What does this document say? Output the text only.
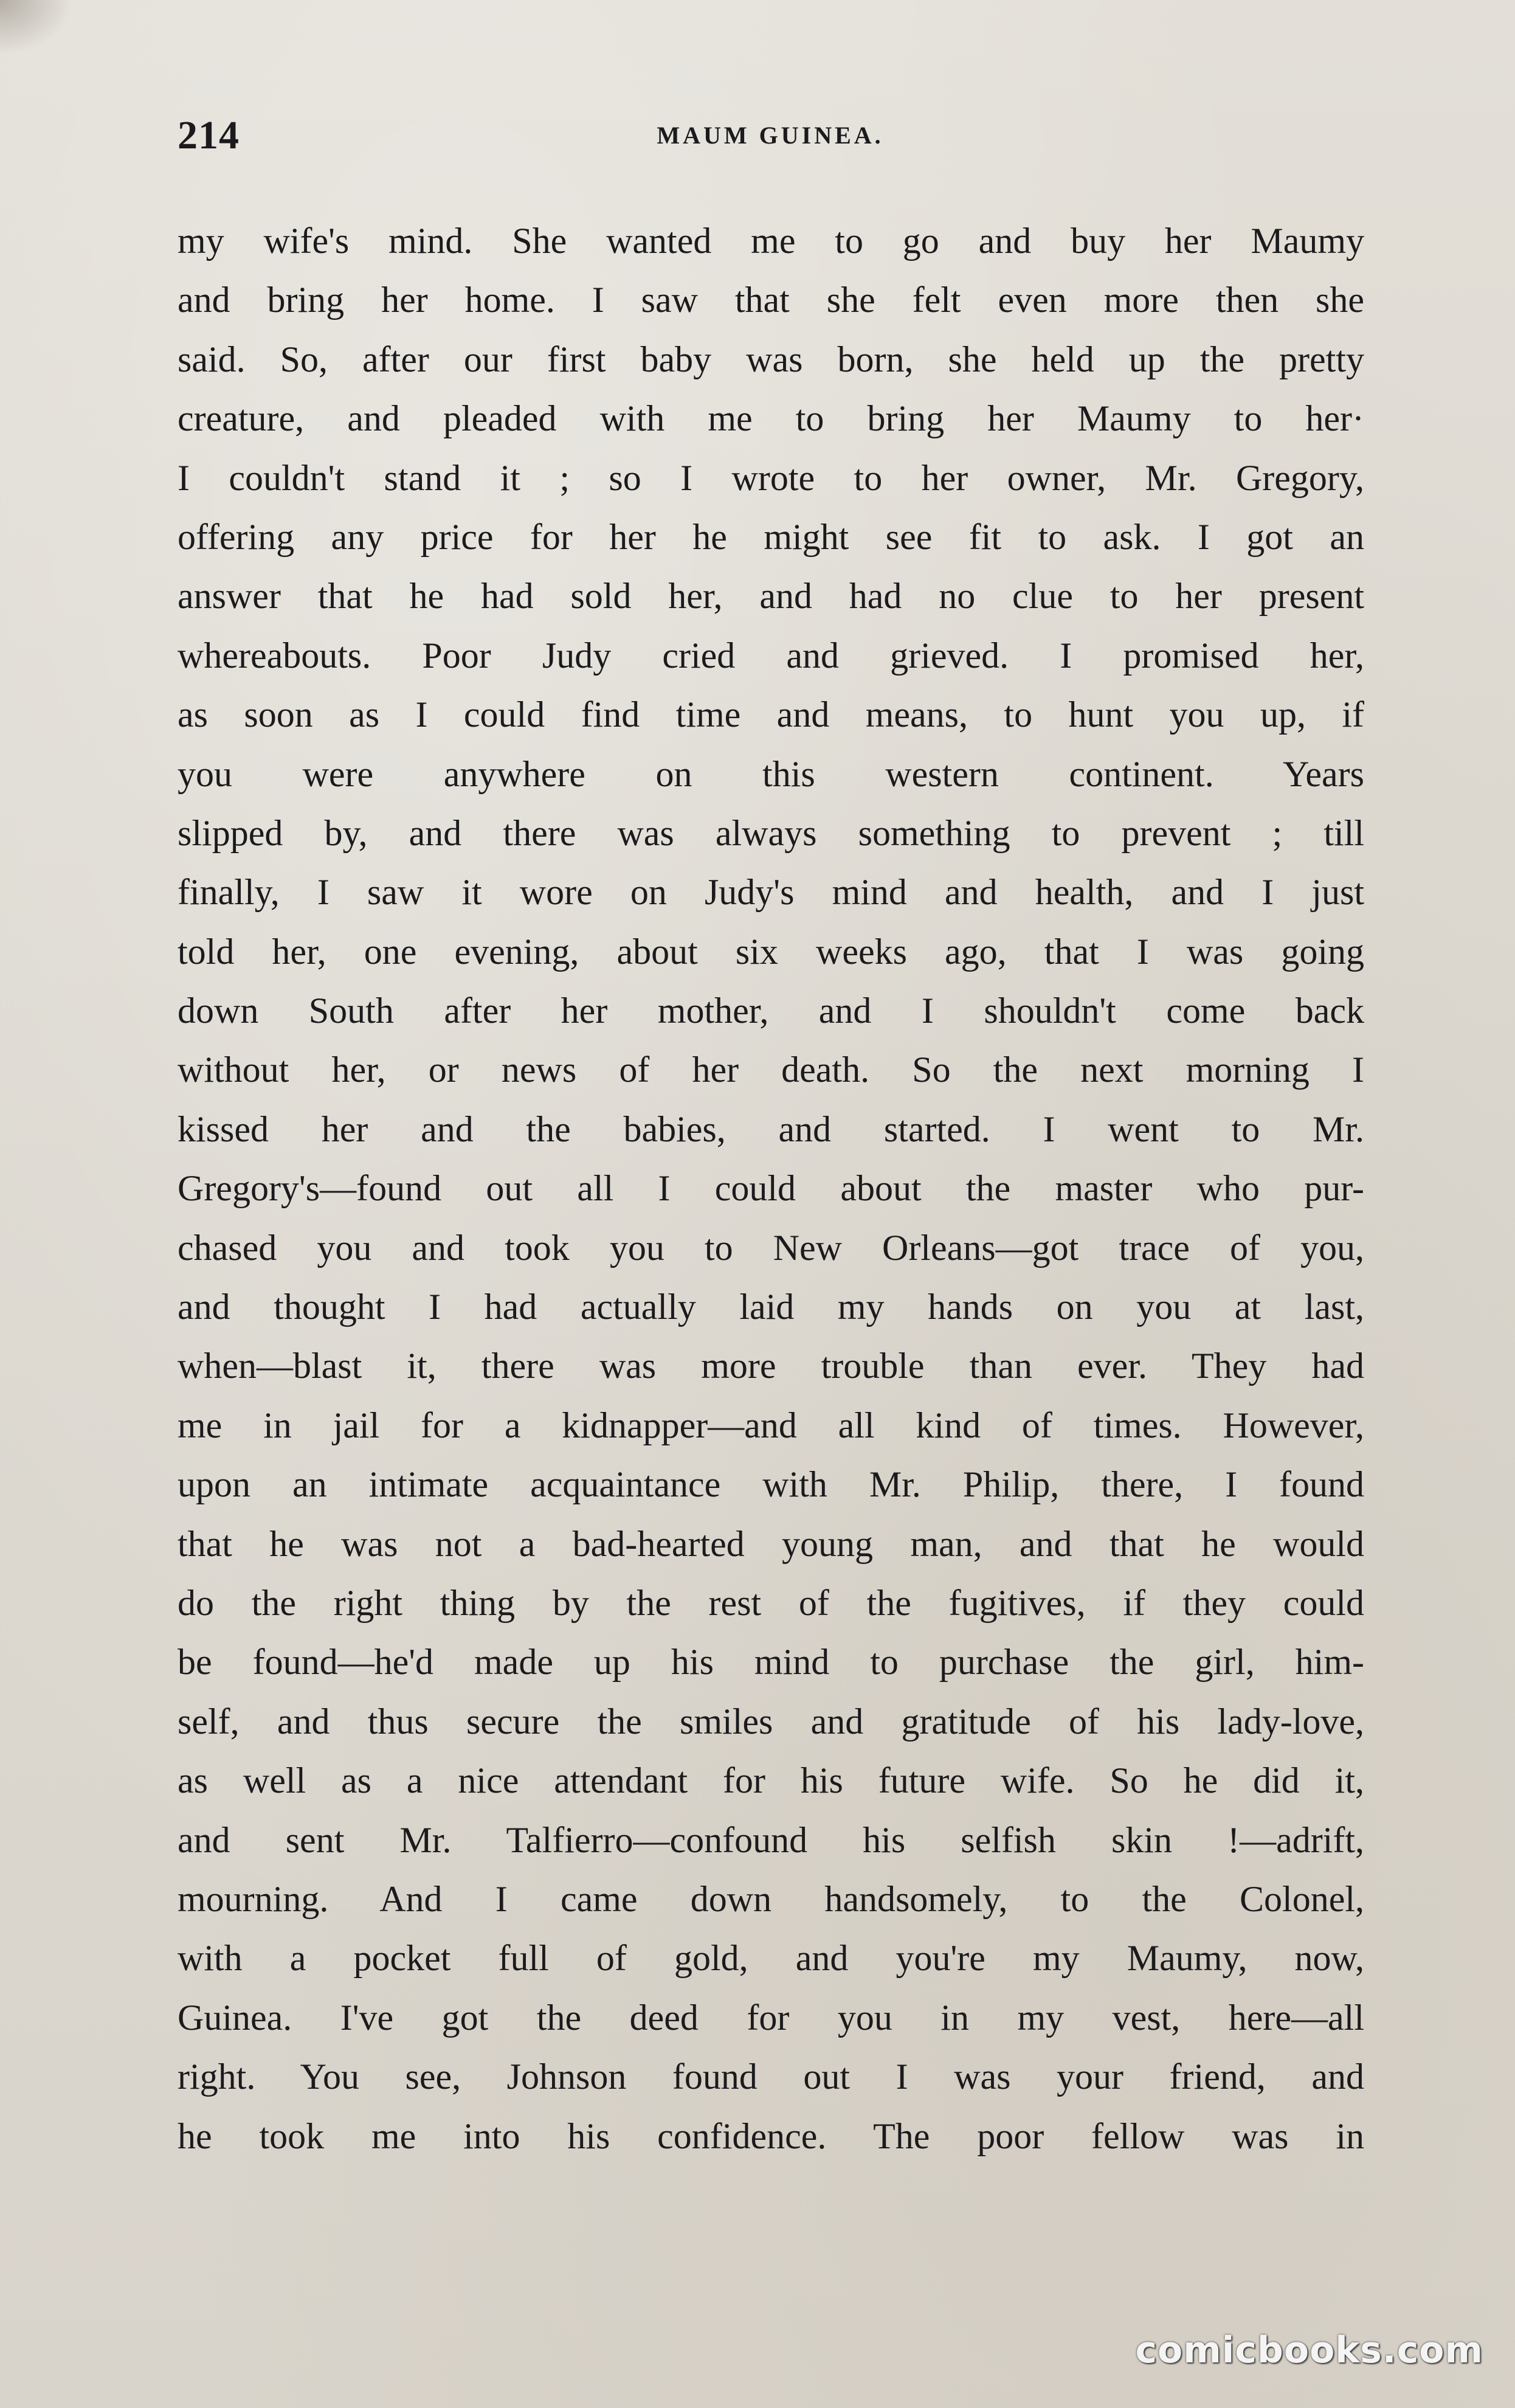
214	MAUM GUINEA.
my wife's mind. She wanted me to go and buy her Maumy
and bring her home. I saw that she felt even more then she
said. So, after our first baby was born, she held up the pretty
creature, and pleaded with me to bring her Maumy to her·
I couldn't stand it ; so I wrote to her owner, Mr. Gregory,
offering any price for her he might see fit to ask. I got an
answer that he had sold her, and had no clue to her present
whereabouts. Poor Judy cried and grieved. I promised her,
as soon as I could find time and means, to hunt you up, if
you were anywhere on this western continent. Years
slipped by, and there was always something to prevent ; till
finally, I saw it wore on Judy's mind and health, and I just
told her, one evening, about six weeks ago, that I was going
down South after her mother, and I shouldn't come back
without her, or news of her death. So the next morning I
kissed her and the babies, and started. I went to Mr.
Gregory's—found out all I could about the master who pur-
chased you and took you to New Orleans—got trace of you,
and thought I had actually laid my hands on you at last,
when—blast it, there was more trouble than ever. They had
me in jail for a kidnapper—and all kind of times. However,
upon an intimate acquaintance with Mr. Philip, there, I found
that he was not a bad-hearted young man, and that he would
do the right thing by the rest of the fugitives, if they could
be found—he'd made up his mind to purchase the girl, him-
self, and thus secure the smiles and gratitude of his lady-love,
as well as a nice attendant for his future wife. So he did it,
and sent Mr. Talfierro—confound his selfish skin !—adrift,
mourning. And I came down handsomely, to the Colonel,
with a pocket full of gold, and you're my Maumy, now,
Guinea. I've got the deed for you in my vest, here—all
right. You see, Johnson found out I was your friend, and
he took me into his confidence. The poor fellow was in
comicbooks.com
